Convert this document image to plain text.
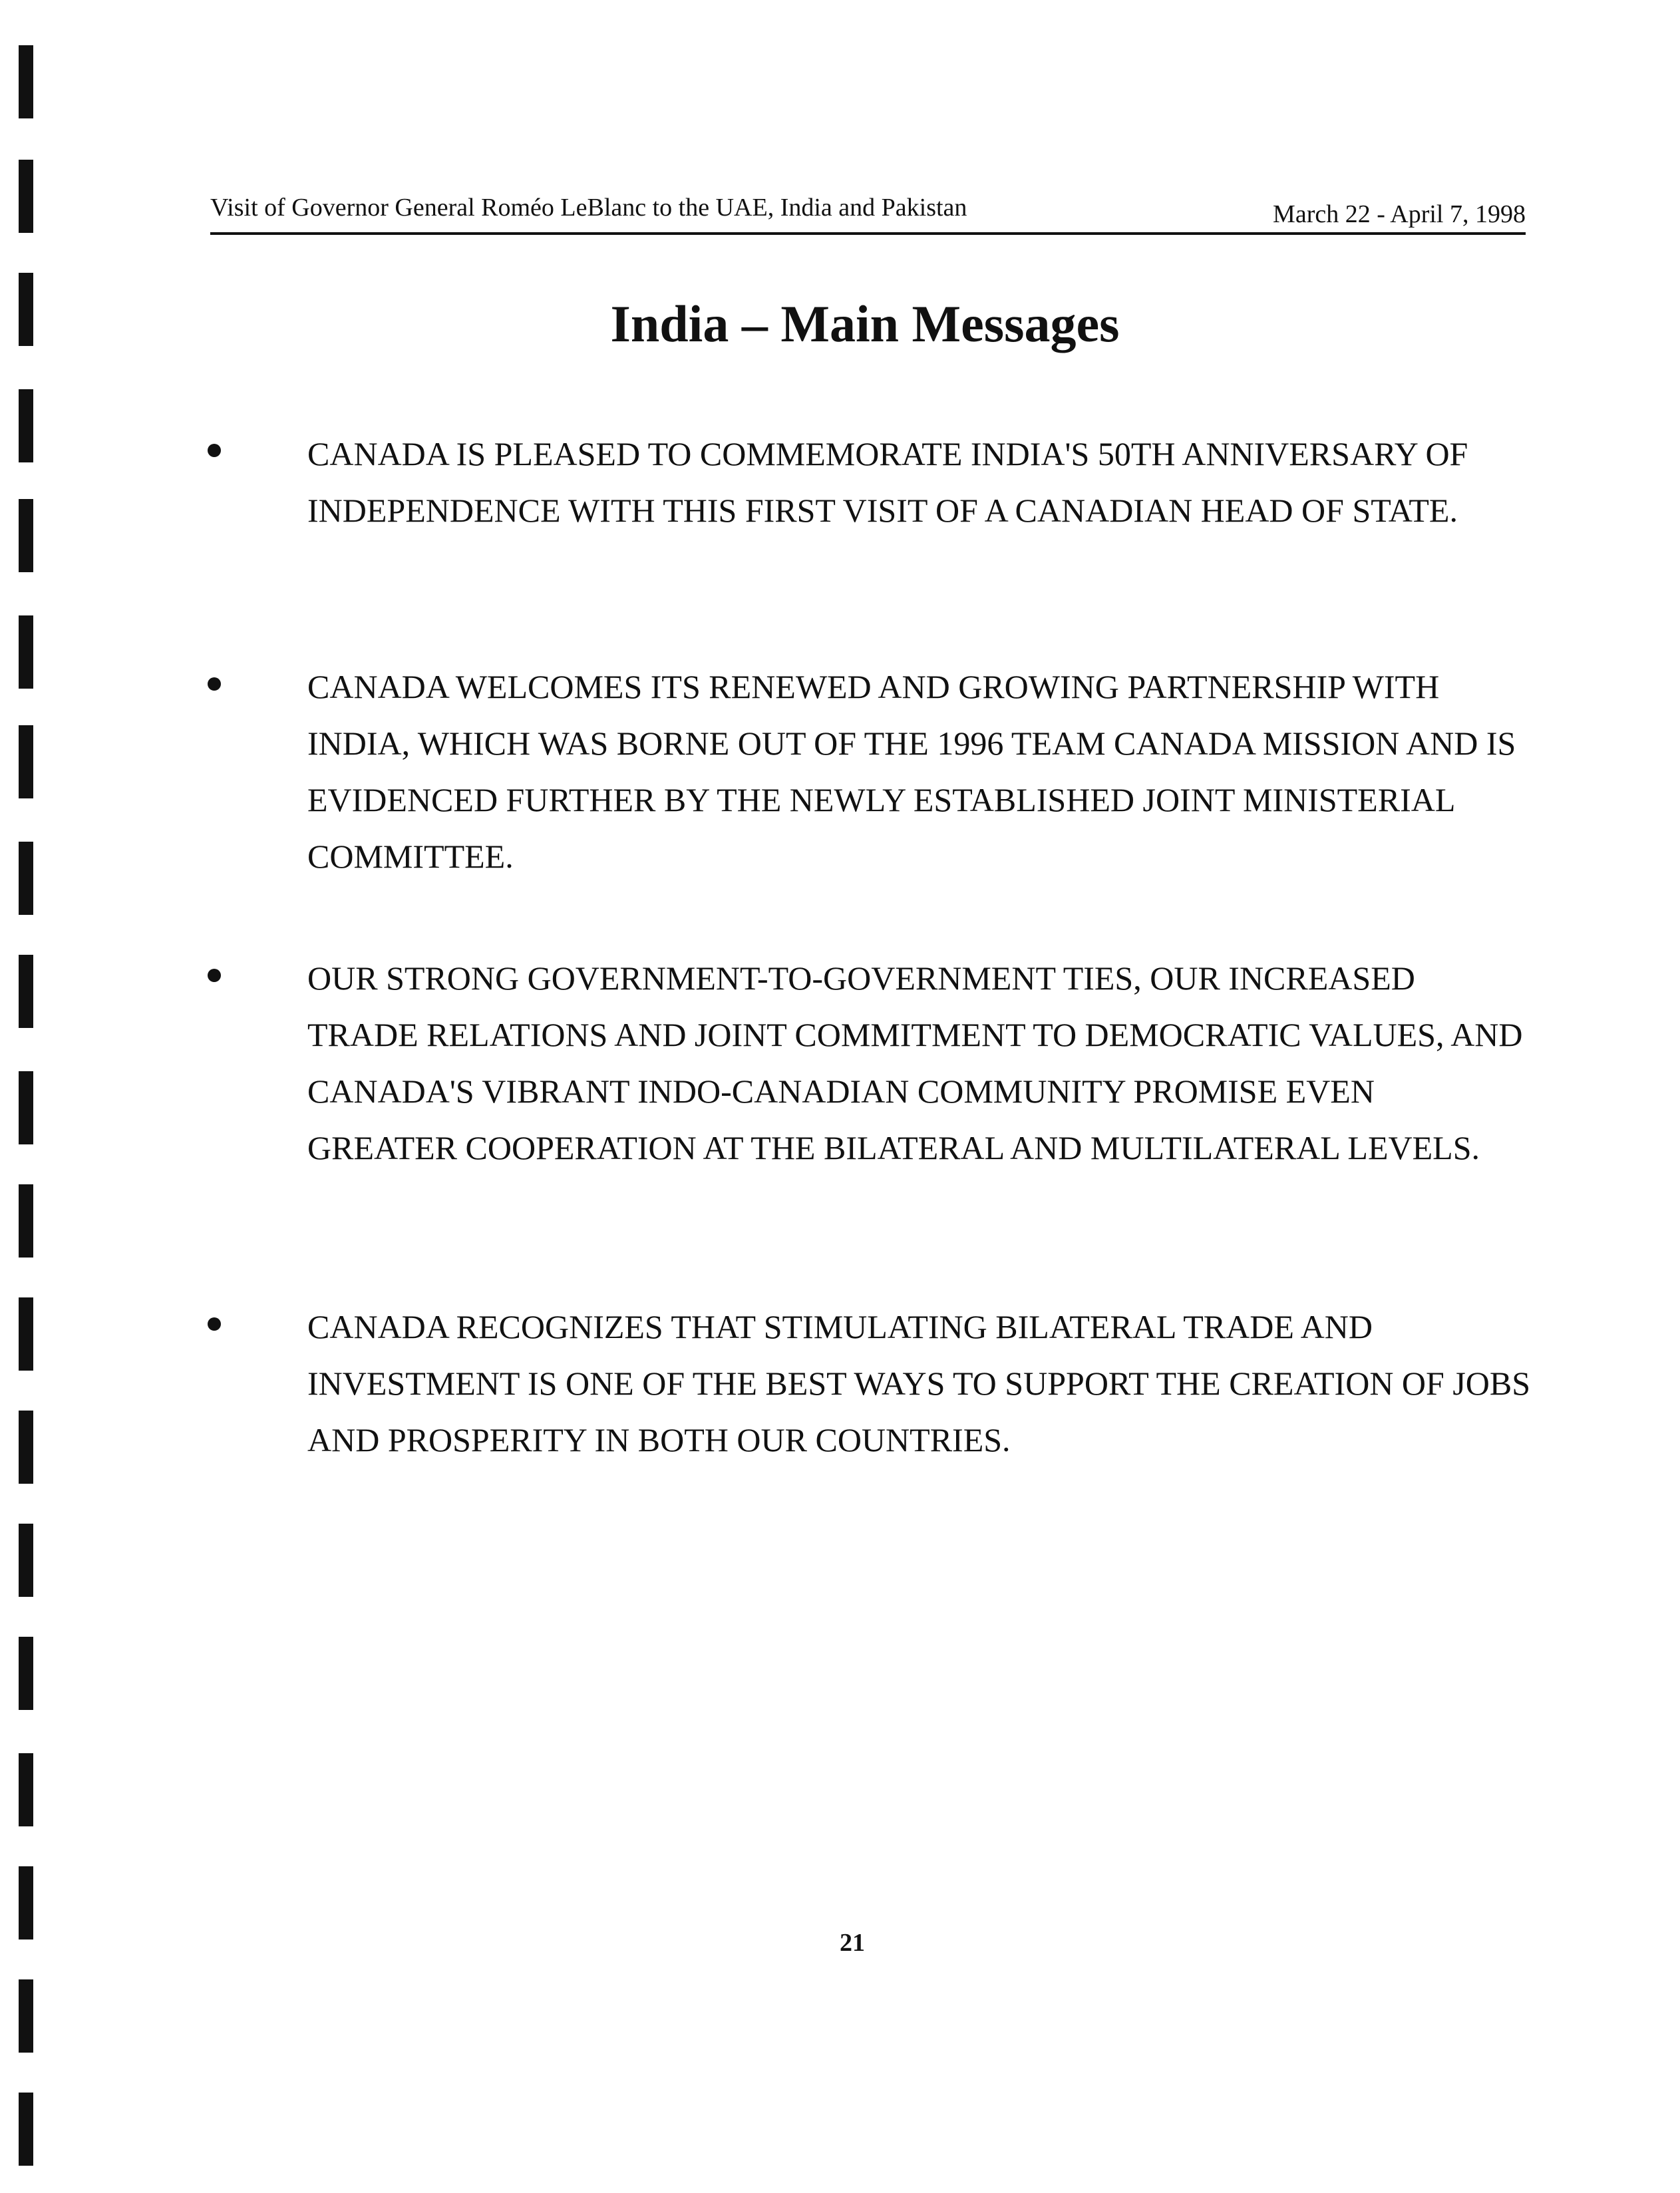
Visit of Governor General Roméo LeBlanc to the UAE, India and Pakistan	March 22 - April 7, 1998
India – Main Messages

CANADA IS PLEASED TO COMMEMORATE INDIA'S 50TH ANNIVERSARY OF INDEPENDENCE WITH THIS FIRST VISIT OF A CANADIAN HEAD OF STATE.

CANADA WELCOMES ITS RENEWED AND GROWING PARTNERSHIP WITH INDIA, WHICH WAS BORNE OUT OF THE 1996 TEAM CANADA MISSION AND IS EVIDENCED FURTHER BY THE NEWLY ESTABLISHED JOINT MINISTERIAL COMMITTEE.

OUR STRONG GOVERNMENT-TO-GOVERNMENT TIES, OUR INCREASED TRADE RELATIONS AND JOINT COMMITMENT TO DEMOCRATIC VALUES, AND CANADA'S VIBRANT INDO-CANADIAN COMMUNITY PROMISE EVEN GREATER COOPERATION AT THE BILATERAL AND MULTILATERAL LEVELS.

CANADA RECOGNIZES THAT STIMULATING BILATERAL TRADE AND INVESTMENT IS ONE OF THE BEST WAYS TO SUPPORT THE CREATION OF JOBS AND PROSPERITY IN BOTH OUR COUNTRIES.

21
